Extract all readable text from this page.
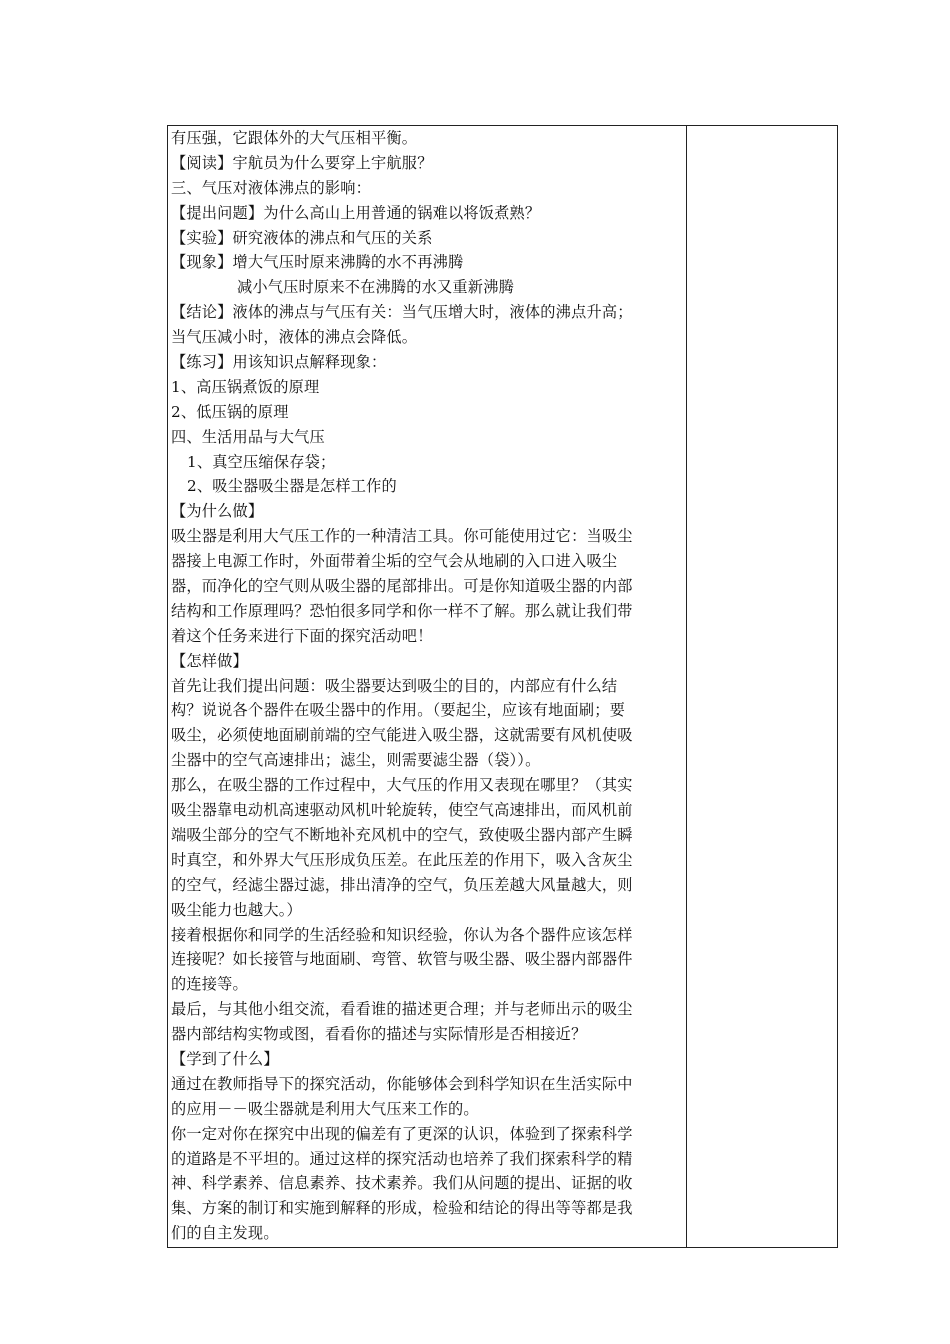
有压强，它跟体外的大气压相平衡。
【阅读】宇航员为什么要穿上宇航服？
三、气压对液体沸点的影响：
【提出问题】为什么高山上用普通的锅难以将饭煮熟？
【实验】研究液体的沸点和气压的关系
【现象】增大气压时原来沸腾的水不再沸腾
减小气压时原来不在沸腾的水又重新沸腾
【结论】液体的沸点与气压有关：当气压增大时，液体的沸点升高；
当气压减小时，液体的沸点会降低。
【练习】用该知识点解释现象：
1、高压锅煮饭的原理
2、低压锅的原理
四、生活用品与大气压
1、真空压缩保存袋；
2、吸尘器吸尘器是怎样工作的
【为什么做】
吸尘器是利用大气压工作的一种清洁工具。你可能使用过它：当吸尘
器接上电源工作时，外面带着尘垢的空气会从地刷的入口进入吸尘
器，而净化的空气则从吸尘器的尾部排出。可是你知道吸尘器的内部
结构和工作原理吗？恐怕很多同学和你一样不了解。那么就让我们带
着这个任务来进行下面的探究活动吧！
【怎样做】
首先让我们提出问题：吸尘器要达到吸尘的目的，内部应有什么结
构？说说各个器件在吸尘器中的作用。（要起尘，应该有地面刷；要
吸尘，必须使地面刷前端的空气能进入吸尘器，这就需要有风机使吸
尘器中的空气高速排出；滤尘，则需要滤尘器（袋））。
那么，在吸尘器的工作过程中，大气压的作用又表现在哪里？（其实
吸尘器靠电动机高速驱动风机叶轮旋转，使空气高速排出，而风机前
端吸尘部分的空气不断地补充风机中的空气，致使吸尘器内部产生瞬
时真空，和外界大气压形成负压差。在此压差的作用下，吸入含灰尘
的空气，经滤尘器过滤，排出清净的空气，负压差越大风量越大，则
吸尘能力也越大。）
接着根据你和同学的生活经验和知识经验，你认为各个器件应该怎样
连接呢？如长接管与地面刷、弯管、软管与吸尘器、吸尘器内部器件
的连接等。
最后，与其他小组交流，看看谁的描述更合理；并与老师出示的吸尘
器内部结构实物或图，看看你的描述与实际情形是否相接近？
【学到了什么】
通过在教师指导下的探究活动，你能够体会到科学知识在生活实际中
的应用－－吸尘器就是利用大气压来工作的。
你一定对你在探究中出现的偏差有了更深的认识，体验到了探索科学
的道路是不平坦的。通过这样的探究活动也培养了我们探索科学的精
神、科学素养、信息素养、技术素养。我们从问题的提出、证据的收
集、方案的制订和实施到解释的形成，检验和结论的得出等等都是我
们的自主发现。
